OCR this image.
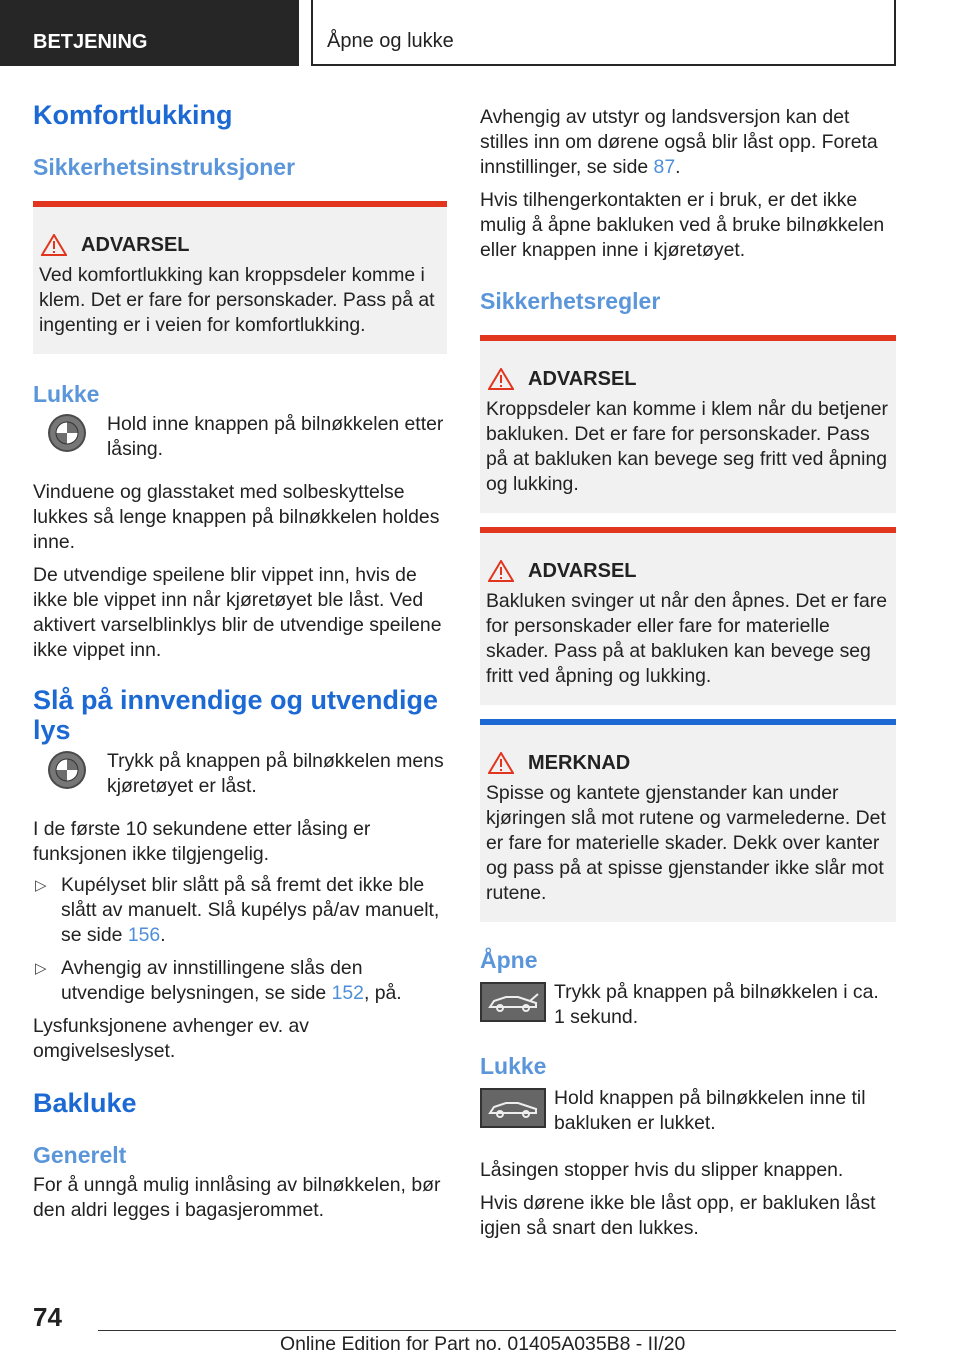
BETJENING	Åpne og lukke
Komfortlukking
Sikkerhetsinstruksjoner
ADVARSEL

Ved komfortlukking kan kroppsdeler komme i klem. Det er fare for personskader. Pass på at ingenting er i veien for komfortlukking.

Lukke

Hold inne knappen på bilnøkkelen etter låsing.

Vinduene og glasstaket med solbeskyttelse lukkes så lenge knappen på bilnøkkelen holdes inne.

De utvendige speilene blir vippet inn, hvis de ikke ble vippet inn når kjøretøyet ble låst. Ved aktivert varselblinklys blir de utvendige speilene ikke vippet inn.

Slå på innvendige og utvendige lys

Trykk på knappen på bilnøkkelen mens kjøretøyet er låst.

I de første 10 sekundene etter låsing er funksjonen ikke tilgjengelig.

▷ Kupélyset blir slått på så fremt det ikke ble slått av manuelt. Slå kupélys på/av manuelt, se side 156.
▷ Avhengig av innstillingene slås den utvendige belysningen, se side 152, på.

Lysfunksjonene avhenger ev. av omgivelseslyset.

Bakluke
Generelt

For å unngå mulig innlåsing av bilnøkkelen, bør den aldri legges i bagasjerommet.

Avhengig av utstyr og landsversjon kan det stilles inn om dørene også blir låst opp. Foreta innstillinger, se side 87.

Hvis tilhengerkontakten er i bruk, er det ikke mulig å åpne bakluken ved å bruke bilnøkkelen eller knappen inne i kjøretøyet.

Sikkerhetsregler
ADVARSEL

Kroppsdeler kan komme i klem når du betjener bakluken. Det er fare for personskader. Pass på at bakluken kan bevege seg fritt ved åpning og lukking.

ADVARSEL

Bakluken svinger ut når den åpnes. Det er fare for personskader eller fare for materielle skader. Pass på at bakluken kan bevege seg fritt ved åpning og lukking.

MERKNAD

Spisse og kantete gjenstander kan under kjøringen slå mot rutene og varmelederne. Det er fare for materielle skader. Dekk over kanter og pass på at spisse gjenstander ikke slår mot rutene.

Åpne

Trykk på knappen på bilnøkkelen i ca. 1 sekund.

Lukke

Hold knappen på bilnøkkelen inne til bakluken er lukket.

Låsingen stopper hvis du slipper knappen.

Hvis dørene ikke ble låst opp, er bakluken låst igjen så snart den lukkes.

74
Online Edition for Part no. 01405A035B8 - II/20
